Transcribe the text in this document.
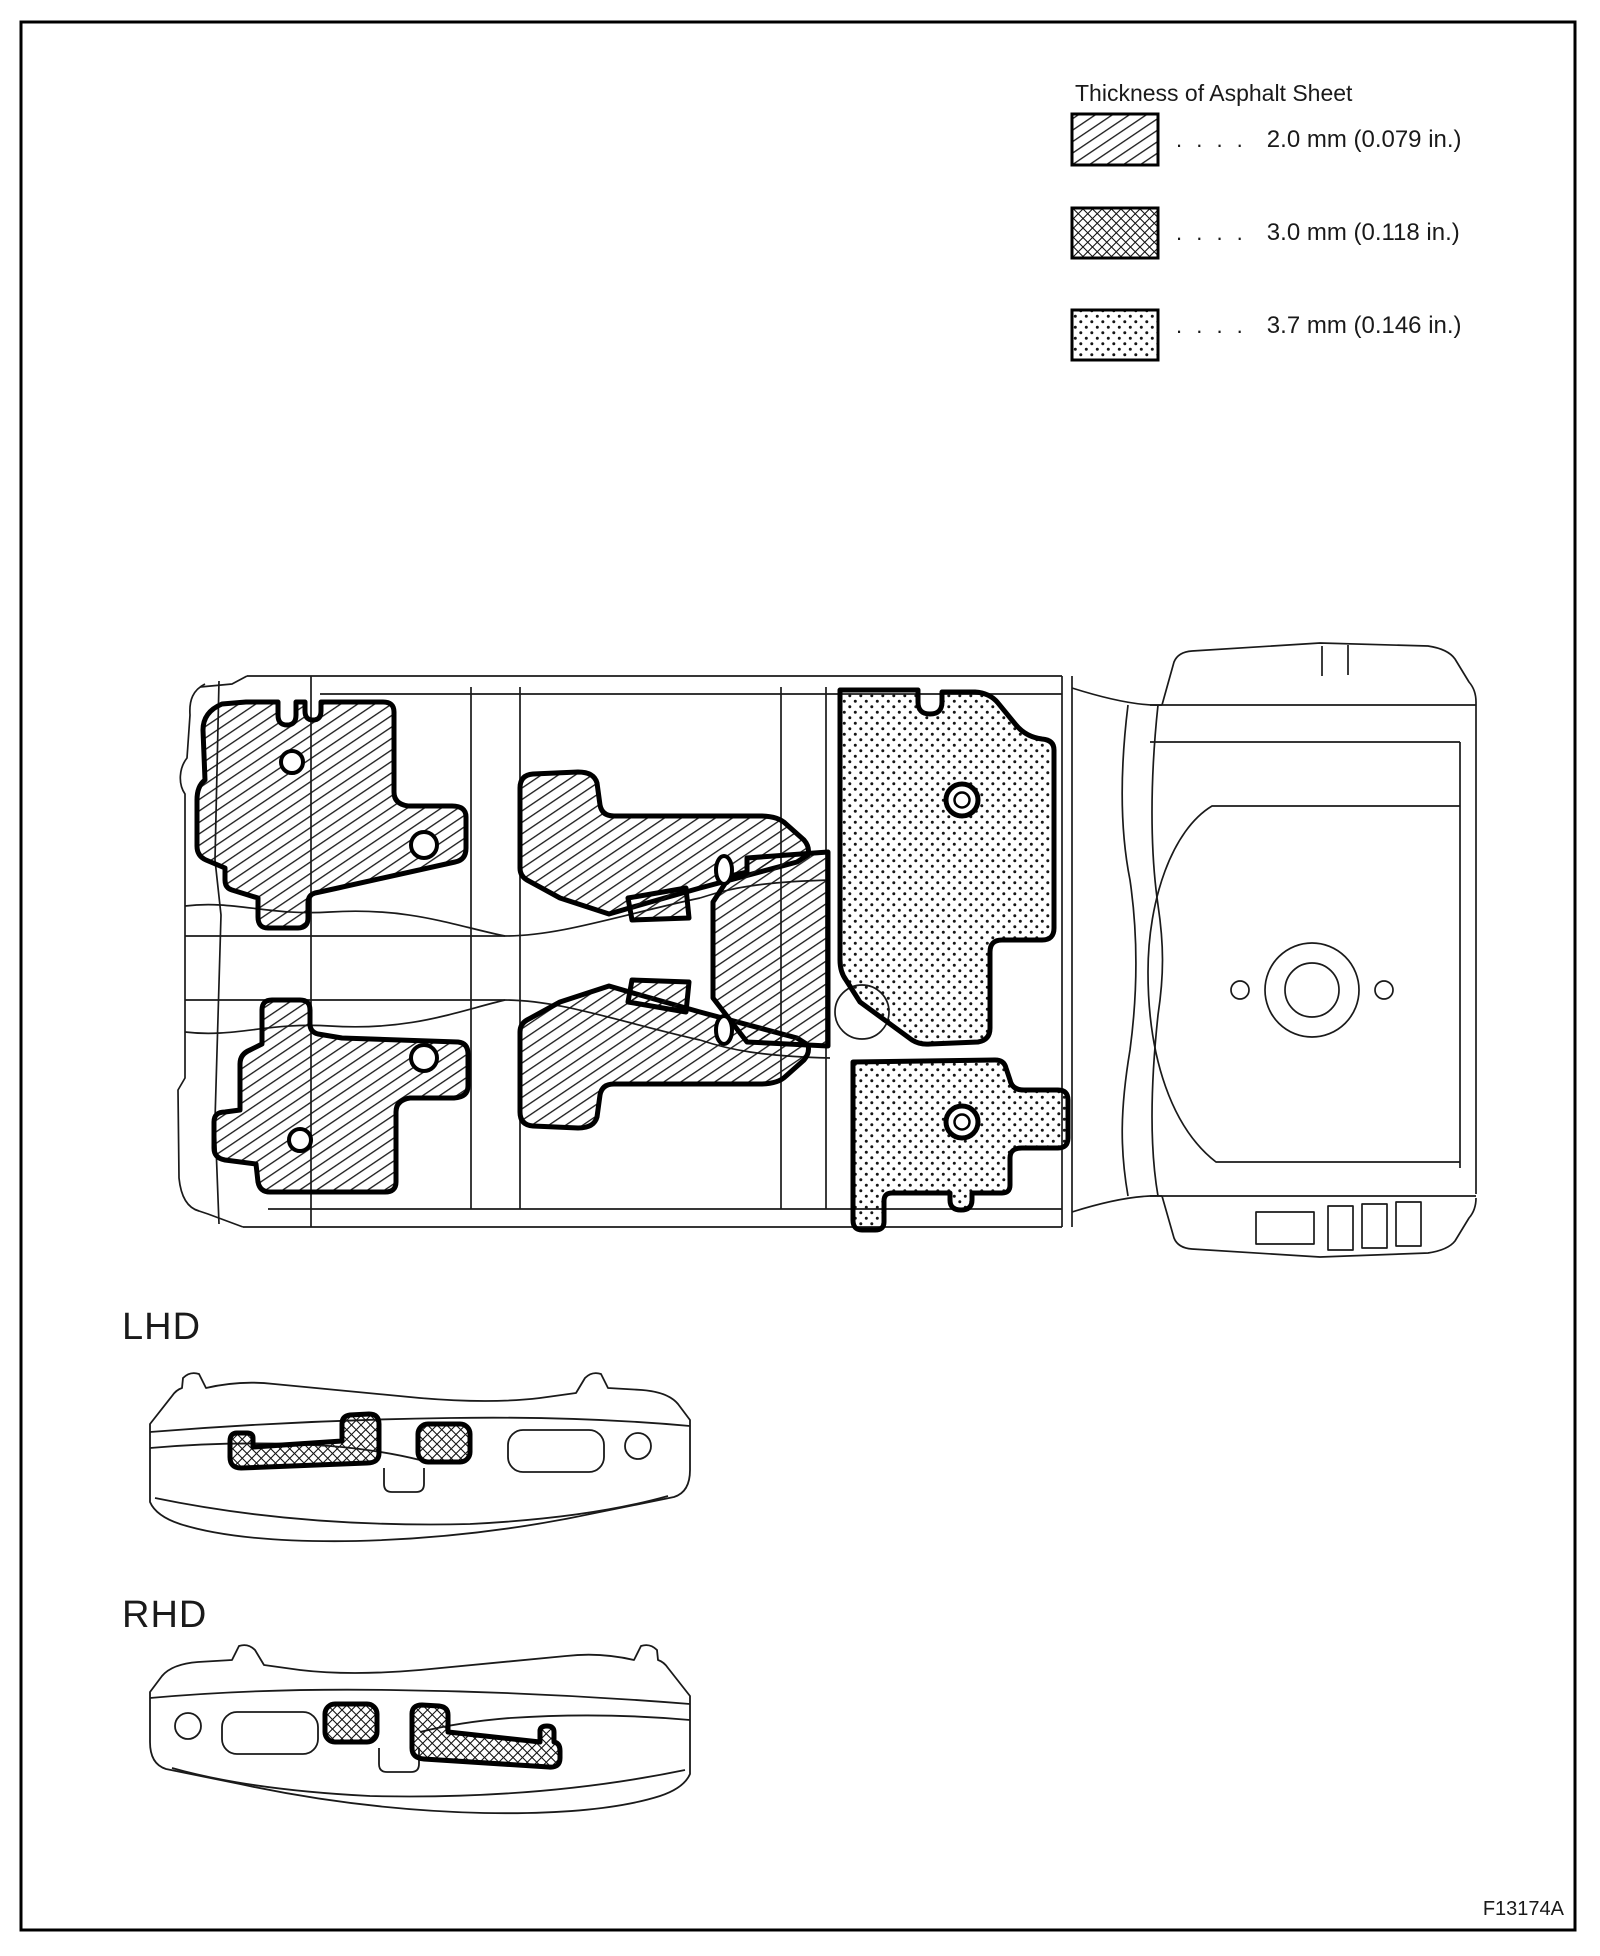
Thickness of Asphalt Sheet
. . . . 2.0 mm (0.079 in.)
. . . . 3.0 mm (0.118 in.)
. . . . 3.7 mm (0.146 in.)
LHD
RHD
F13174A
